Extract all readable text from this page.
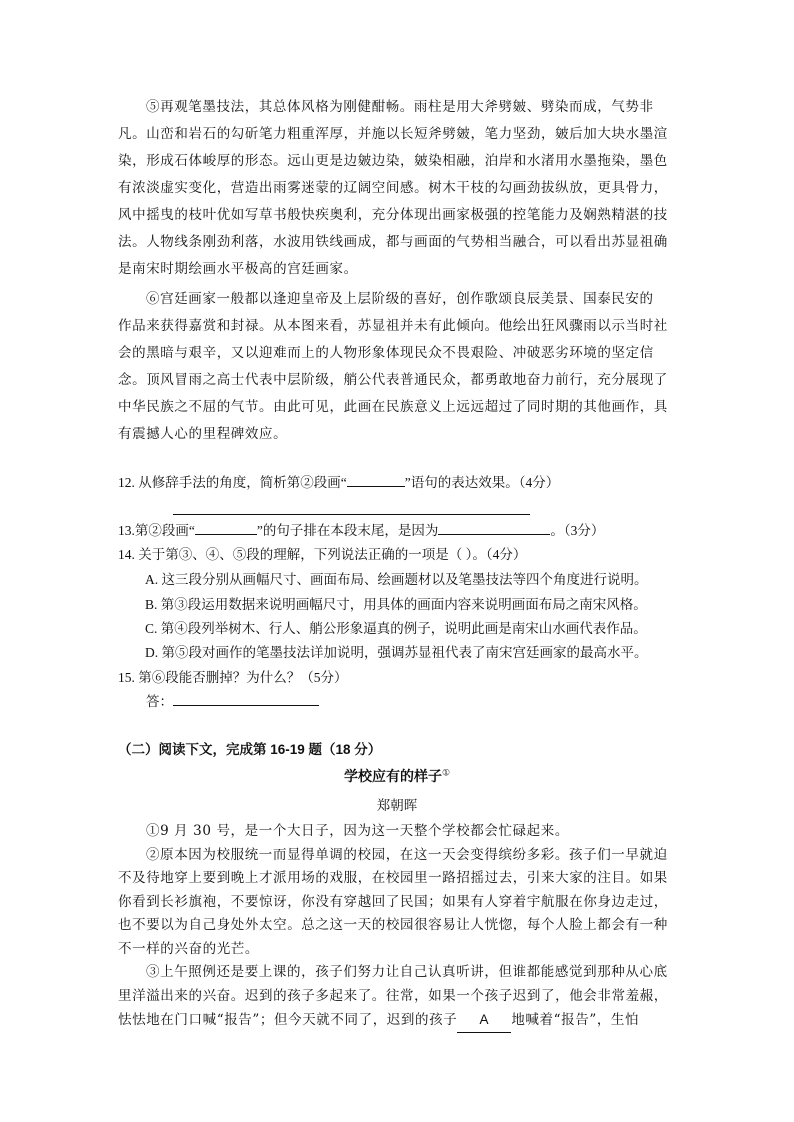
⑤再观笔墨技法，其总体风格为刚健酣畅。雨柱是用大斧劈皴、劈染而成，气势非
凡。山峦和岩石的勾斫笔力粗重浑厚，并施以长短斧劈皴，笔力坚劲，皴后加大块水墨渲
染，形成石体峻厚的形态。远山更是边皴边染，皴染相融，泊岸和水渚用水墨拖染，墨色
有浓淡虚实变化，营造出雨雾迷蒙的辽阔空间感。树木干枝的勾画劲拔纵放，更具骨力，
风中摇曳的枝叶优如写草书般快疾奥利，充分体现出画家极强的控笔能力及娴熟精湛的技
法。人物线条刚劲利落，水波用铁线画成，都与画面的气势相当融合，可以看出苏显祖确
是南宋时期绘画水平极高的宫廷画家。
⑥宫廷画家一般都以逢迎皇帝及上层阶级的喜好，创作歌颂良辰美景、国泰民安的
作品来获得嘉赏和封禄。从本图来看，苏显祖并未有此倾向。他绘出狂风骤雨以示当时社
会的黑暗与艰辛，又以迎难而上的人物形象体现民众不畏艰险、冲破恶劣环境的坚定信
念。顶风冒雨之高士代表中层阶级，艄公代表普通民众，都勇敢地奋力前行，充分展现了
中华民族之不屈的气节。由此可见，此画在民族意义上远远超过了同时期的其他画作，具
有震撼人心的里程碑效应。
12. 从修辞手法的角度，简析第②段画“	”语句的表达效果。（4分）
13.第②段画“	”的句子排在本段末尾，是因为	。（3分）
14. 关于第③、④、⑤段的理解，下列说法正确的一项是（ ）。（4分）
A. 这三段分别从画幅尺寸、画面布局、绘画题材以及笔墨技法等四个角度进行说明。
B. 第③段运用数据来说明画幅尺寸，用具体的画面内容来说明画面布局之南宋风格。
C. 第④段列举树木、行人、艄公形象逼真的例子，说明此画是南宋山水画代表作品。
D. 第⑤段对画作的笔墨技法详加说明，强调苏显祖代表了南宋宫廷画家的最高水平。
15. 第⑥段能否删掉？为什么？（5分）
答：
（二）阅读下文，完成第 16-19 题（18 分）
学校应有的样子①
郑朝晖
①9 月 30 号，是一个大日子，因为这一天整个学校都会忙碌起来。
②原本因为校服统一而显得单调的校园，在这一天会变得缤纷多彩。孩子们一早就迫
不及待地穿上要到晚上才派用场的戏服，在校园里一路招摇过去，引来大家的注目。如果
你看到长衫旗袍，不要惊讶，你没有穿越回了民国；如果有人穿着宇航服在你身边走过，
也不要以为自己身处外太空。总之这一天的校园很容易让人恍惚，每个人脸上都会有一种
不一样的兴奋的光芒。
③上午照例还是要上课的，孩子们努力让自己认真听讲，但谁都能感觉到那种从心底
里洋溢出来的兴奋。迟到的孩子多起来了。往常，如果一个孩子迟到了，他会非常羞赧，
怯怯地在门口喊“报告”；但今天就不同了，迟到的孩子 A 地喊着“报告”，生怕
